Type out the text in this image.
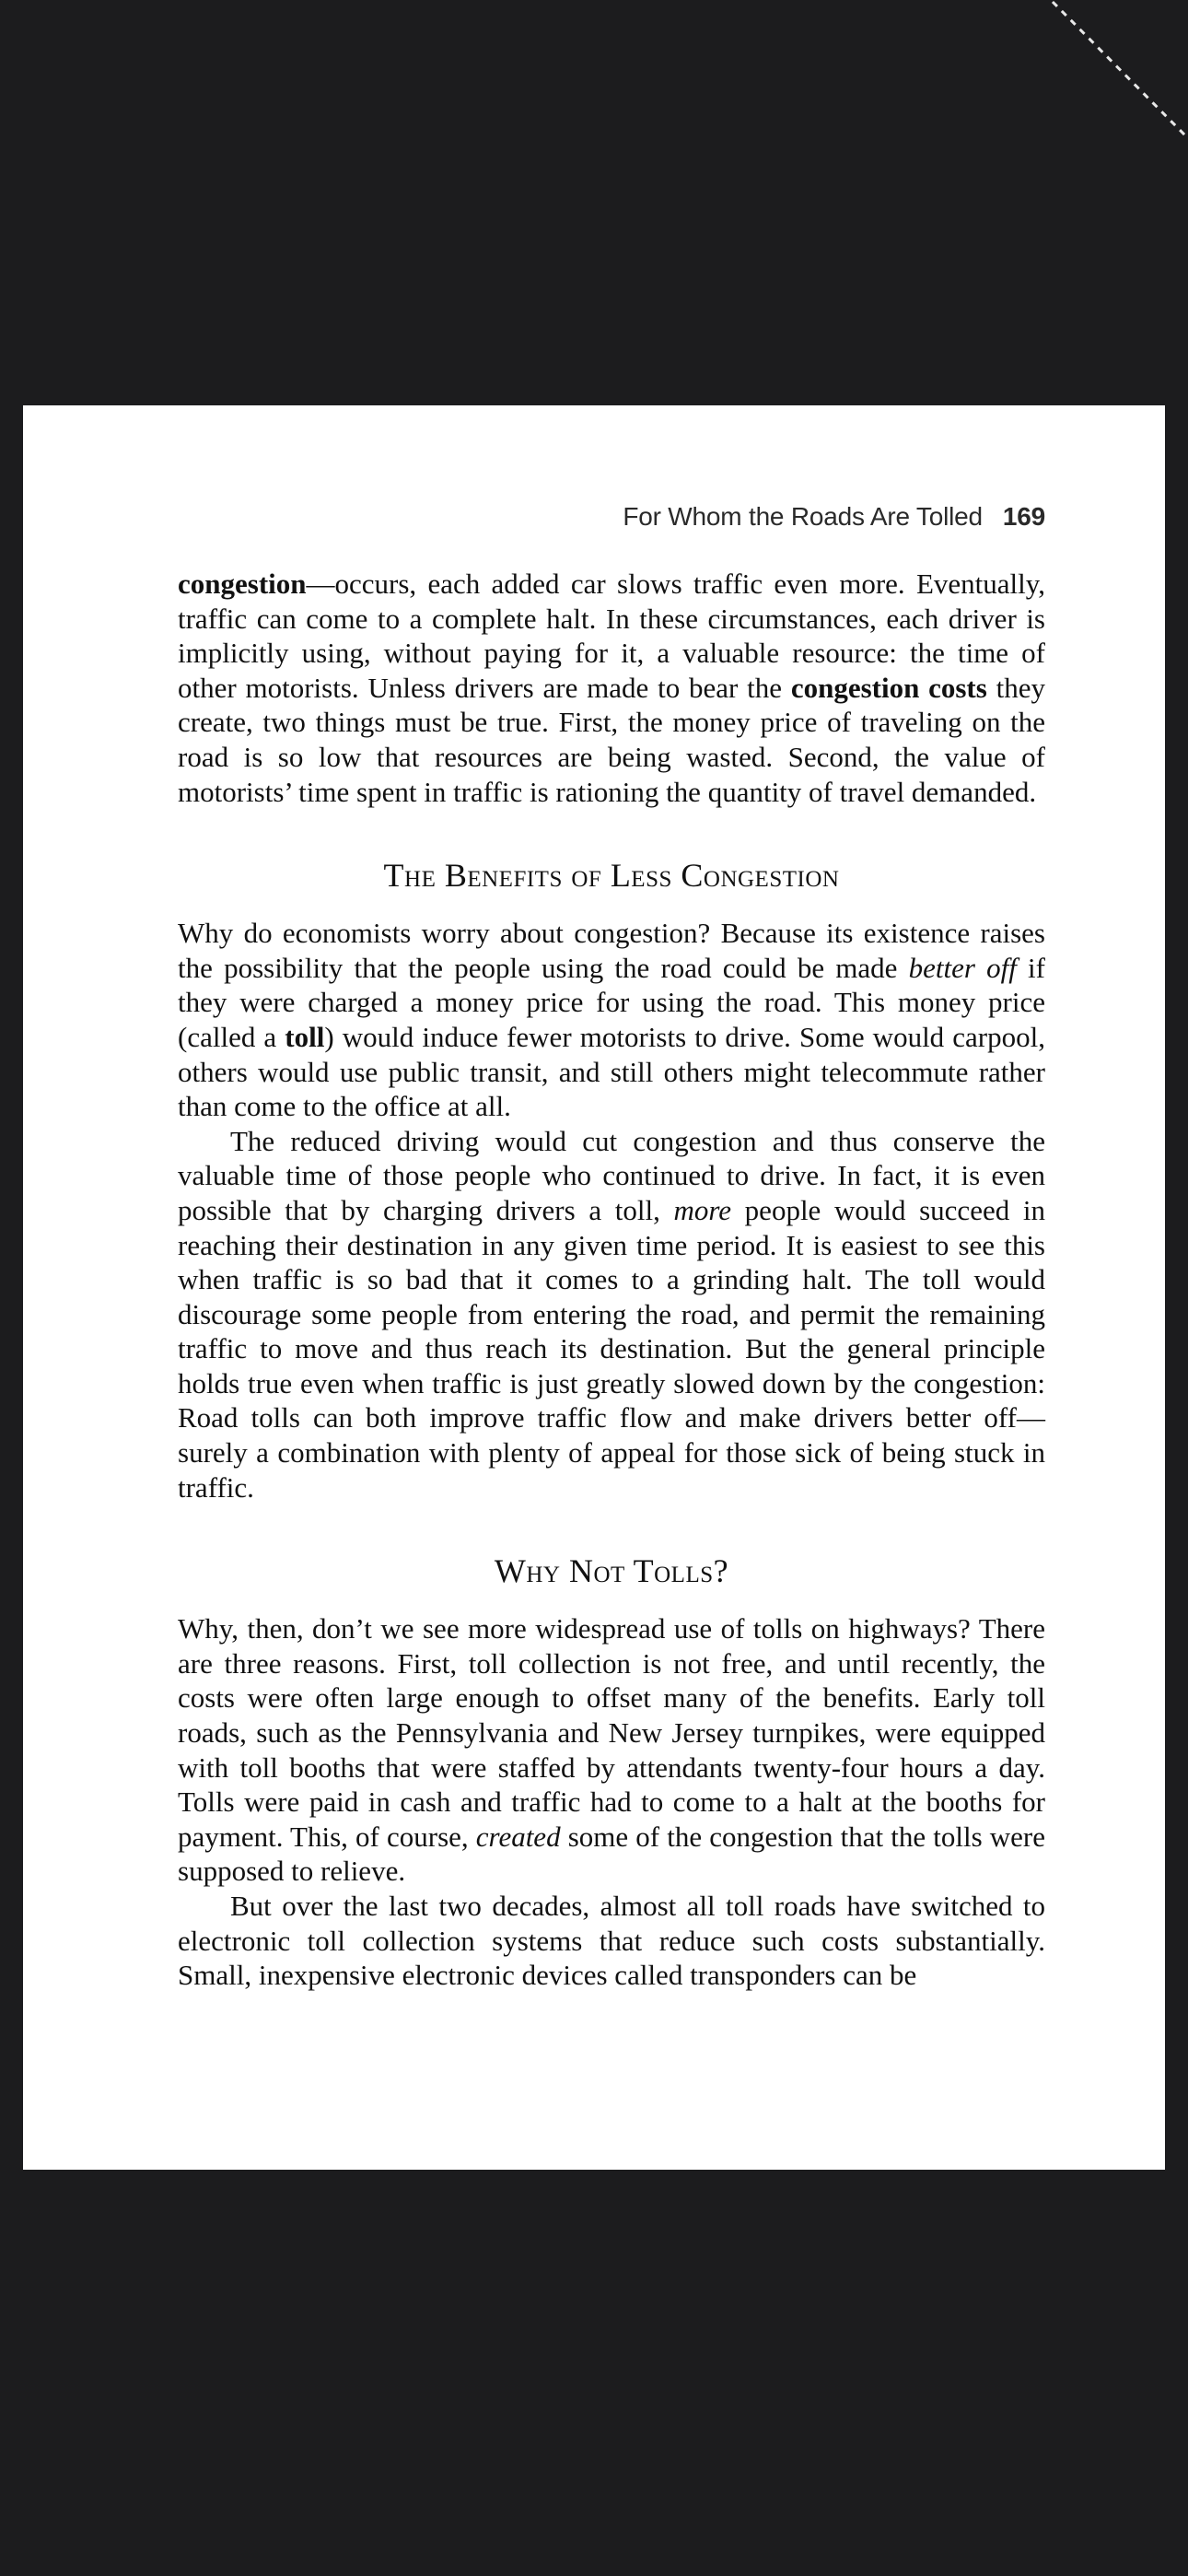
For Whom the Roads Are Tolled 169

congestion—occurs, each added car slows traffic even more. Eventually, traffic can come to a complete halt. In these circumstances, each driver is implicitly using, without paying for it, a valuable resource: the time of other motorists. Unless drivers are made to bear the congestion costs they create, two things must be true. First, the money price of traveling on the road is so low that resources are being wasted. Second, the value of motorists’ time spent in traffic is rationing the quantity of travel demanded.

The Benefits of Less Congestion

Why do economists worry about congestion? Because its existence raises the possibility that the people using the road could be made better off if they were charged a money price for using the road. This money price (called a toll) would induce fewer motorists to drive. Some would carpool, others would use public transit, and still others might telecommute rather than come to the office at all.

The reduced driving would cut congestion and thus conserve the valuable time of those people who continued to drive. In fact, it is even possible that by charging drivers a toll, more people would succeed in reaching their destination in any given time period. It is easiest to see this when traffic is so bad that it comes to a grinding halt. The toll would discourage some people from entering the road, and permit the remaining traffic to move and thus reach its destination. But the general principle holds true even when traffic is just greatly slowed down by the congestion: Road tolls can both improve traffic flow and make drivers better off—surely a combination with plenty of appeal for those sick of being stuck in traffic.

Why Not Tolls?

Why, then, don’t we see more widespread use of tolls on highways? There are three reasons. First, toll collection is not free, and until recently, the costs were often large enough to offset many of the benefits. Early toll roads, such as the Pennsylvania and New Jersey turnpikes, were equipped with toll booths that were staffed by attendants twenty-four hours a day. Tolls were paid in cash and traffic had to come to a halt at the booths for payment. This, of course, created some of the congestion that the tolls were supposed to relieve.

But over the last two decades, almost all toll roads have switched to electronic toll collection systems that reduce such costs substantially. Small, inexpensive electronic devices called transponders can be
